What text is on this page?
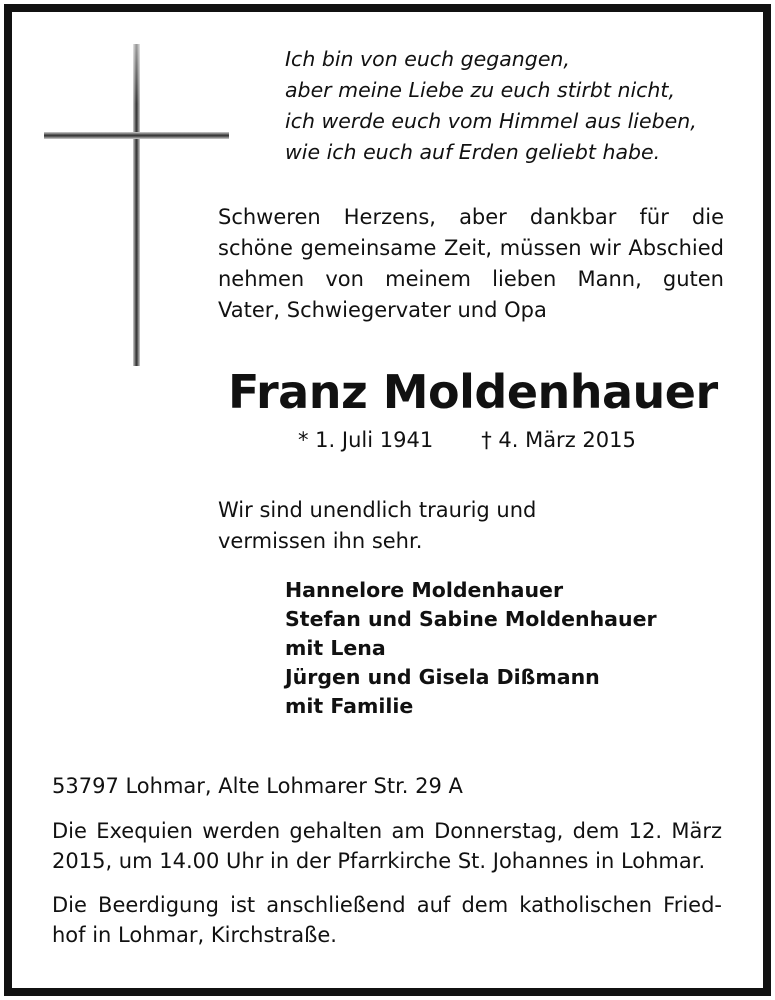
Ich bin von euch gegangen,
aber meine Liebe zu euch stirbt nicht,
ich werde euch vom Himmel aus lieben,
wie ich euch auf Erden geliebt habe.
Schweren Herzens, aber dankbar für die
schöne gemeinsame Zeit, müssen wir Abschied
nehmen von meinem lieben Mann, guten
Vater, Schwiegervater und Opa
Franz Moldenhauer
* 1. Juli 1941 † 4. März 2015
Wir sind unendlich traurig und
vermissen ihn sehr.
Hannelore Moldenhauer
Stefan und Sabine Moldenhauer
mit Lena
Jürgen und Gisela Dißmann
mit Familie
53797 Lohmar, Alte Lohmarer Str. 29 A
Die Exequien werden gehalten am Donnerstag, dem 12. März
2015, um 14.00 Uhr in der Pfarrkirche St. Johannes in Lohmar.
Die Beerdigung ist anschließend auf dem katholischen Fried-
hof in Lohmar, Kirchstraße.
